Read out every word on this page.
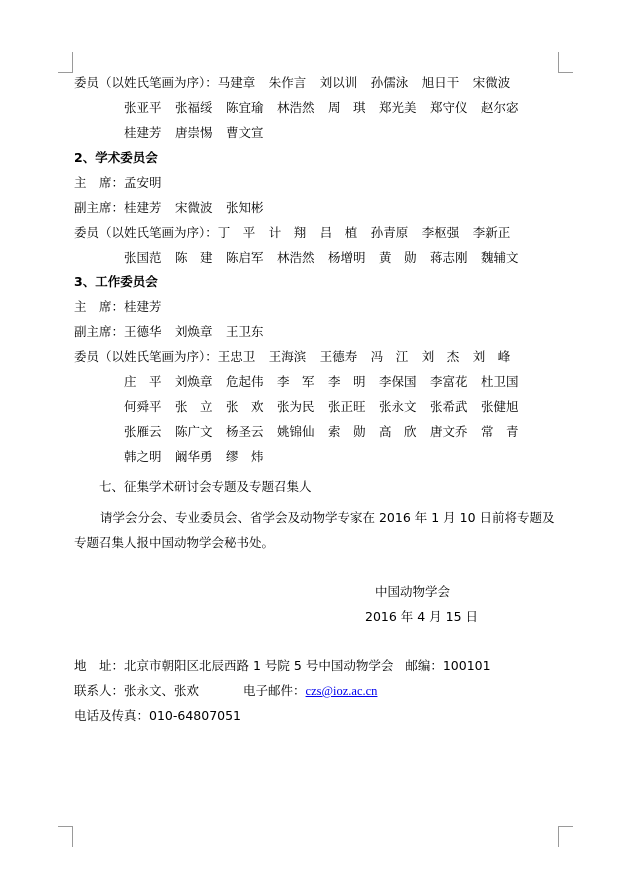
委员（以姓氏笔画为序）：马建章 朱作言 刘以训 孙儒泳 旭日干 宋微波
张亚平 张福绥 陈宜瑜 林浩然 周　琪 郑光美 郑守仪 赵尔宓
桂建芳 唐崇惕 曹文宣
2、学术委员会
主　席：孟安明
副主席：桂建芳 宋微波 张知彬
委员（以姓氏笔画为序）：丁　平 计　翔 吕　植 孙青原 李枢强 李新正
张国范 陈　建 陈启军 林浩然 杨增明 黄　勋 蒋志刚 魏辅文
3、工作委员会
主　席：桂建芳
副主席：王德华 刘焕章 王卫东
委员（以姓氏笔画为序）：王忠卫 王海滨 王德寿 冯　江 刘　杰 刘　峰
庄　平 刘焕章 危起伟 李　军 李　明 李保国 李富花 杜卫国
何舜平 张　立 张　欢 张为民 张正旺 张永文 张希武 张健旭
张雁云 陈广文 杨圣云 姚锦仙 索　勋 高　欣 唐文乔 常　青
韩之明 阚华勇 缪　炜
七、征集学术研讨会专题及专题召集人
请学会分会、专业委员会、省学会及动物学专家在 2016 年 1 月 10 日前将专题及专题召集人报中国动物学会秘书处。
中国动物学会
2016 年 4 月 15 日
地　址：北京市朝阳区北辰西路 1 号院 5 号中国动物学会 邮编：100101
联系人：张永文、张欢	电子邮件：czs@ioz.ac.cn
电话及传真：010-64807051
